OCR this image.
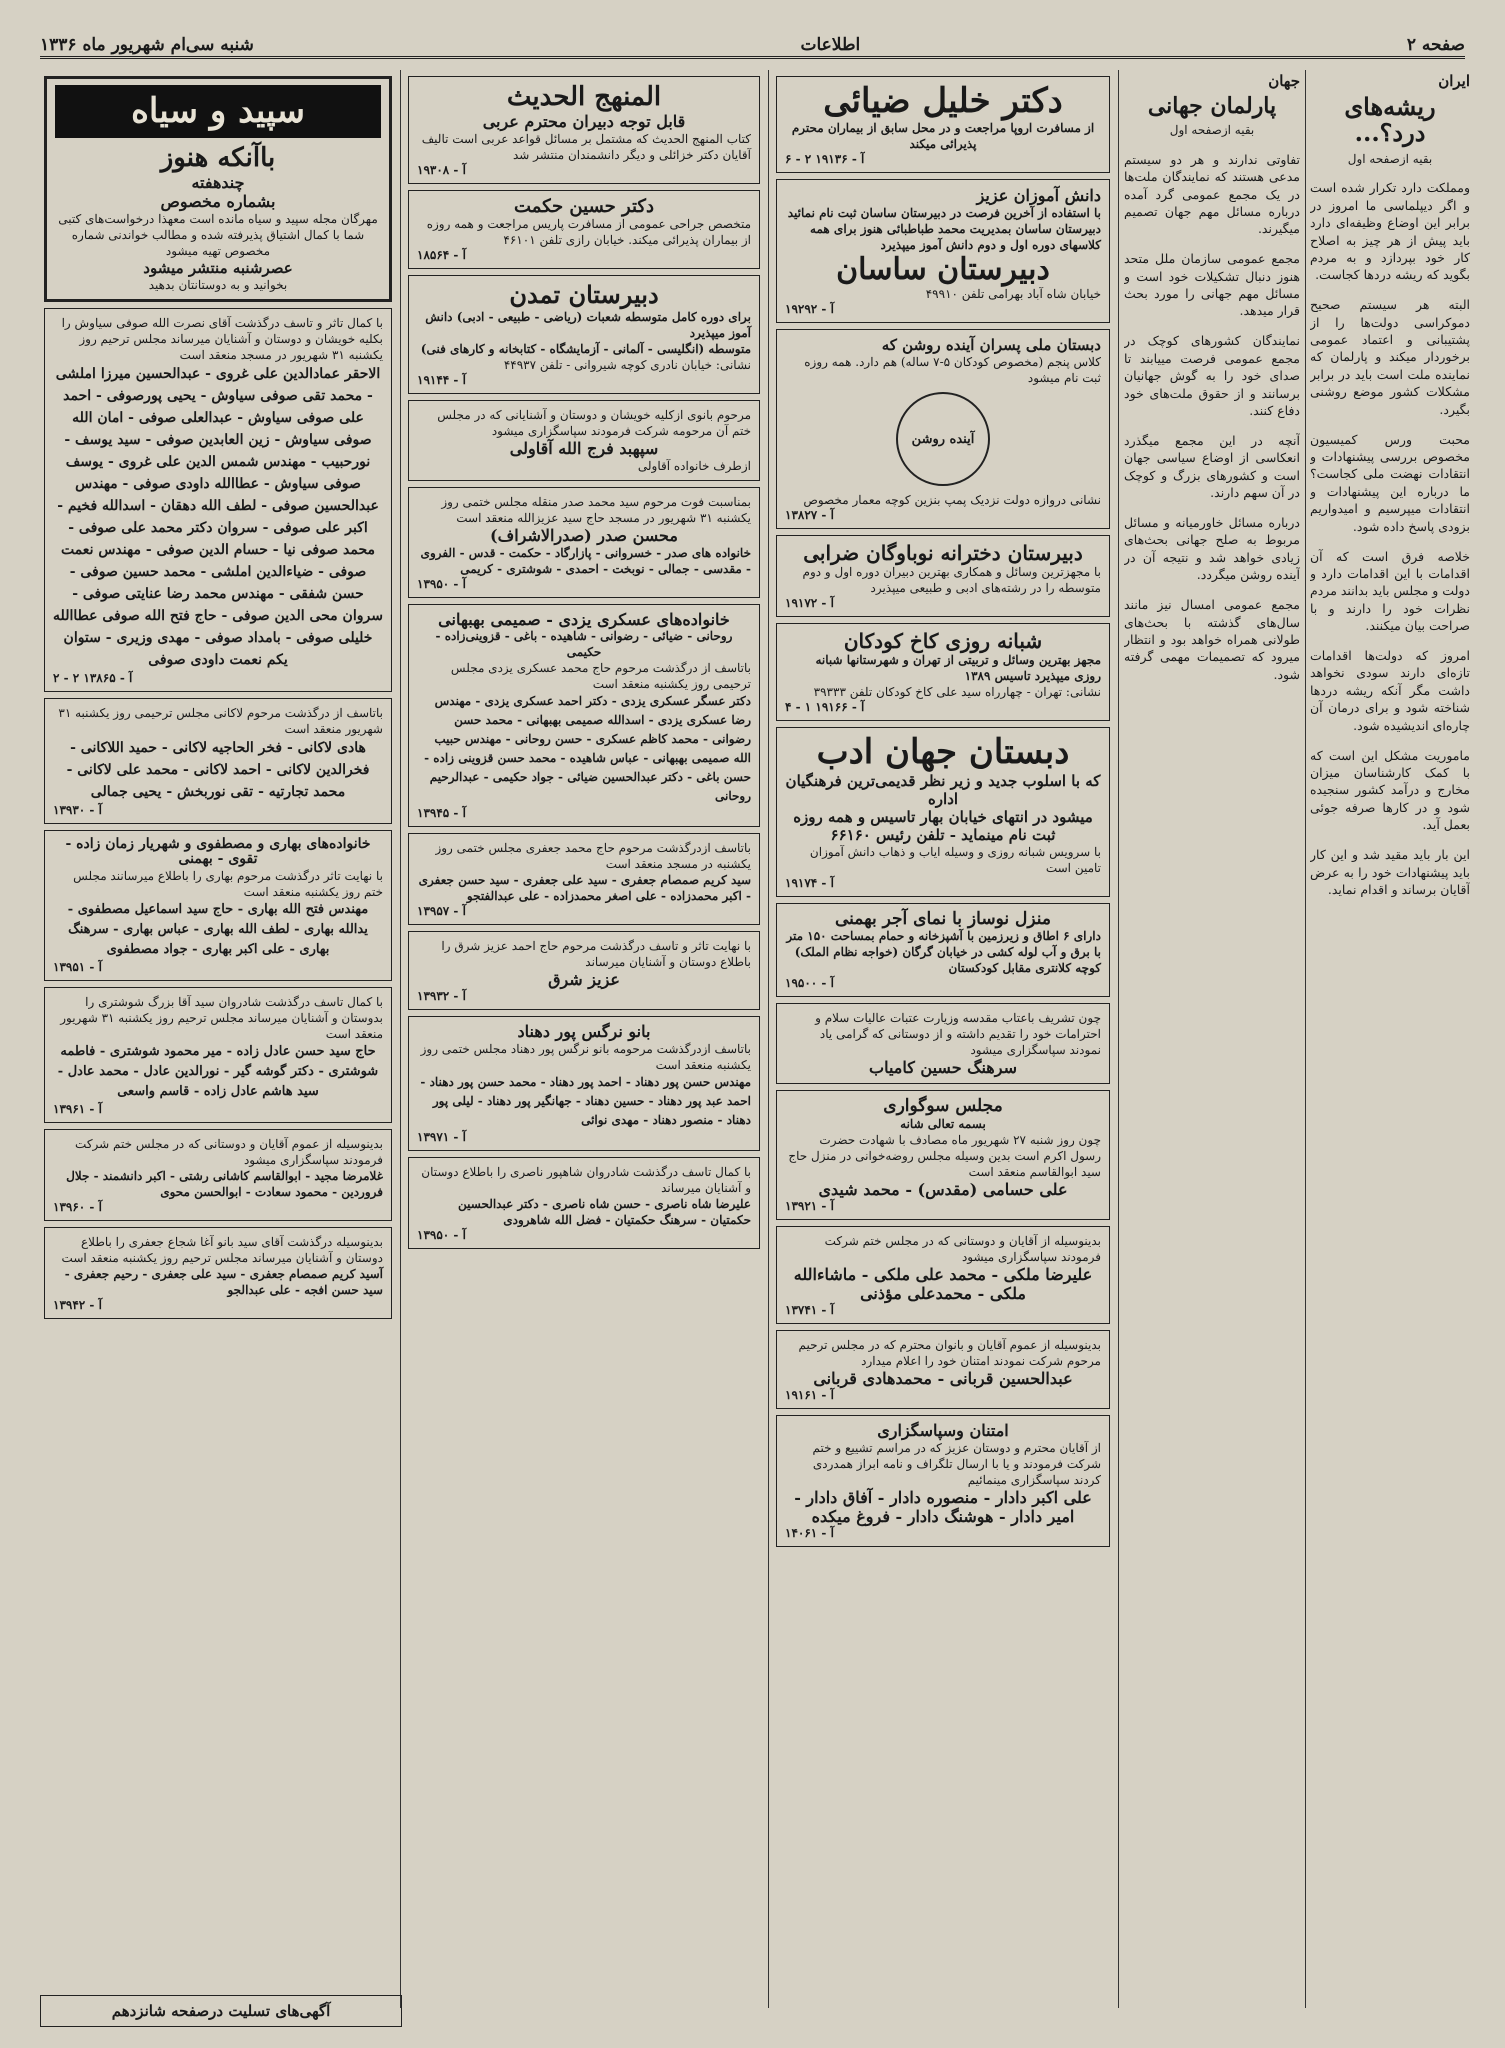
صفحه ۲
اطلاعات
شنبه سی‌ام شهریور ماه ۱۳۳۶
ایران
ریشه‌های درد؟...
بقیه ازصفحه اول

ومملکت دارد تکرار شده است و اگر دیپلماسی ما امروز در برابر این اوضاع وظیفه‌ای دارد باید پیش از هر چیز به اصلاح کار خود بپردازد و به مردم بگوید که ریشه دردها کجاست.

البته هر سیستم صحیح دموکراسی دولت‌ها را از پشتیبانی و اعتماد عمومی برخوردار میکند و پارلمان که نماینده ملت است باید در برابر مشکلات کشور موضع روشنی بگیرد.

محبت ورس کمیسیون مخصوص بررسی پیشنهادات و انتقادات نهضت ملی کجاست؟ ما درباره این پیشنهادات و انتقادات میپرسیم و امیدواریم بزودی پاسخ داده شود.

خلاصه فرق است که آن اقدامات با این اقدامات دارد و دولت و مجلس باید بدانند مردم نظرات خود را دارند و با صراحت بیان میکنند.

امروز که دولت‌ها اقدامات تازه‌ای دارند سودی نخواهد داشت مگر آنکه ریشه درد‌ها شناخته شود و برای درمان آن چاره‌ای اندیشیده شود.

ماموریت مشکل این است که با کمک کارشناسان میزان مخارج و درآمد کشور سنجیده شود و در کارها صرفه جوئی بعمل آید.

این بار باید مقید شد و این کار باید پیشنهادات خود را به عرض آقایان برساند و اقدام نماید.

جهان
پارلمان جهانی
بقیه ازصفحه اول

تفاوتی ندارند و هر دو سیستم مدعی هستند که نمایندگان ملت‌ها در یک مجمع عمومی گرد آمده درباره مسائل مهم جهان تصمیم میگیرند.

مجمع عمومی سازمان ملل متحد هنوز دنبال تشکیلات خود است و مسائل مهم جهانی را مورد بحث قرار میدهد.

نمایندگان کشورهای کوچک در مجمع عمومی فرصت مییابند تا صدای خود را به گوش جهانیان برسانند و از حقوق ملت‌های خود دفاع کنند.

آنچه در این مجمع میگذرد انعکاسی از اوضاع سیاسی جهان است و کشورهای بزرگ و کوچک در آن سهم دارند.

درباره مسائل خاورمیانه و مسائل مربوط به صلح جهانی بحث‌های زیادی خواهد شد و نتیجه آن در آینده روشن میگردد.

مجمع عمومی امسال نیز مانند سال‌های گذشته با بحث‌های طولانی همراه خواهد بود و انتظار میرود که تصمیمات مهمی گرفته شود.

دکتر خلیل ضیائی
از مسافرت اروپا مراجعت و در محل سابق از بیماران محترم پذیرائی میکند
۶ - ۲ آ - ۱۹۱۳۶
دانش آموزان عزیز
با استفاده از آخرین فرصت در دبیرستان ساسان ثبت نام نمائید
دبیرستان ساسان بمدیریت محمد طباطبائی هنوز برای همه کلاسهای دوره اول و دوم دانش آموز میپذیرد
دبیرستان ساسان
خیابان شاه آباد بهرامی تلفن ۴۹۹۱۰
آ - ۱۹۲۹۲
دبستان ملی پسران آینده روشن که
کلاس پنجم (مخصوص کودکان ۵-۷ ساله) هم دارد. همه روزه ثبت نام میشود
آینده روشن
نشانی دروازه دولت نزدیک پمپ بنزین کوچه معمار مخصوص
آ - ۱۳۸۲۷
دبیرستان دخترانه نوباوگان ضرابی
با مجهزترین وسائل و همکاری بهترین دبیران دوره اول و دوم متوسطه را در رشته‌های ادبی و طبیعی میپذیرد
آ - ۱۹۱۷۲
شبانه روزی کاخ کودکان
مجهز بهترین وسائل و تربیتی از تهران و شهرستانها شبانه روزی میپذیرد تاسیس ۱۳۸۹
نشانی: تهران - چهارراه سید علی کاخ کودکان تلفن ۳۹۳۳۳
۴ - ۱ آ - ۱۹۱۶۶
دبستان جهان ادب
که با اسلوب جدید و زیر نظر قدیمی‌ترین فرهنگیان اداره
میشود در انتهای خیابان بهار تاسیس و همه روزه
ثبت نام مینماید - تلفن رئیس ۶۶۱۶۰
با سرویس شبانه روزی و وسیله ایاب و ذهاب دانش آموزان تامین است
آ - ۱۹۱۷۴
منزل نوساز با نمای آجر بهمنی
دارای ۶ اطاق و زیرزمین با آشپزخانه و حمام بمساحت ۱۵۰ متر با برق و آب لوله کشی در خیابان گرگان (خواجه نظام الملک) کوچه کلانتری مقابل کودکستان
آ - ۱۹۵۰۰
چون تشریف باعتاب مقدسه وزیارت عتبات عالیات سلام و احترامات خود را تقدیم داشته و از دوستانی که گرامی یاد نمودند سپاسگزاری میشود
سرهنگ حسین کامیاب
مجلس سوگواری
بسمه تعالی شانه
چون روز شنبه ۲۷ شهریور ماه مصادف با شهادت حضرت رسول اکرم است بدین وسیله مجلس روضه‌خوانی در منزل حاج سید ابوالقاسم منعقد است
علی حسامی (مقدس) - محمد شیدی
آ - ۱۳۹۲۱
بدینوسیله از آقایان و دوستانی که در مجلس ختم شرکت فرمودند سپاسگزاری میشود
علیرضا ملکی - محمد علی ملکی - ماشاءالله ملکی - محمدعلی مؤذنی
آ - ۱۳۷۴۱
بدینوسیله از عموم آقایان و بانوان محترم که در مجلس ترحیم مرحوم شرکت نمودند امتنان خود را اعلام میدارد
عبدالحسین قربانی - محمدهادی قربانی
آ - ۱۹۱۶۱
امتنان وسپاسگزاری
از آقایان محترم و دوستان عزیز که در مراسم تشییع و ختم شرکت فرمودند و یا با ارسال تلگراف و نامه ابراز همدردی کردند سپاسگزاری مینمائیم
علی اکبر دادار - منصوره دادار - آفاق دادار - امیر دادار - هوشنگ دادار - فروغ میکده
آ - ۱۴۰۶۱
المنهج الحديث
قابل توجه دبیران محترم عربی
کتاب المنهج الحدیث که مشتمل بر مسائل قواعد عربی است تالیف آقایان دکتر خزائلی و دیگر دانشمندان منتشر شد
آ - ۱۹۳۰۸
دکتر حسین حکمت
متخصص جراحی عمومی از مسافرت پاریس مراجعت و همه روزه از بیماران پذیرائی میکند. خیابان رازی تلفن ۴۶۱۰۱
آ - ۱۸۵۶۴
دبیرستان تمدن
برای دوره کامل متوسطه شعبات (ریاضی - طبیعی - ادبی) دانش آموز میپذیرد
متوسطه (انگلیسی - آلمانی - آزمایشگاه - کتابخانه و کارهای فنی)
نشانی: خیابان نادری کوچه شیروانی - تلفن ۴۴۹۳۷
آ - ۱۹۱۴۴
مرحوم بانوی ازکلیه خویشان و دوستان و آشنایانی که در مجلس ختم آن مرحومه شرکت فرمودند سپاسگزاری میشود
سپهبد فرج الله آقاولی
ازطرف خانواده آقاولی
بمناسبت فوت مرحوم سید محمد صدر منقله مجلس ختمی روز یکشنبه ۳۱ شهریور در مسجد حاج سید عزیزالله منعقد است
محسن صدر (صدرالاشراف)
خانواده های صدر - خسروانی - پازارگاد - حکمت - قدس - الفروی - مقدسی - جمالی - نوبخت - احمدی - شوشتری - کریمی
آ - ۱۳۹۵۰
خانواده‌های عسکری یزدی - صمیمی بهبهانی
روحانی - ضیائی - رضوانی - شاهیده - باغی - قزوینی‌زاده - حکیمی
باتاسف از درگذشت مرحوم حاج محمد عسکری یزدی مجلس ترحیمی روز یکشنبه منعقد است
دکتر عسگر عسکری یزدی - دکتر احمد عسکری یزدی - مهندس رضا عسکری یزدی - اسدالله صمیمی بهبهانی - محمد حسن رضوانی - محمد کاظم عسکری - حسن روحانی - مهندس حبیب الله صمیمی بهبهانی - عباس شاهیده - محمد حسن قزوینی زاده - حسن باغی - دکتر عبدالحسین ضیائی - جواد حکیمی - عبدالرحیم روحانی
آ - ۱۳۹۴۵
باتاسف ازدرگذشت مرحوم حاج محمد جعفری مجلس ختمی روز یکشنبه در مسجد منعقد است
سید کریم صمصام جعفری - سید علی جعفری - سید حسن جعفری - اکبر محمدزاده - علی اصغر محمدزاده - علی عبدالفتجو
آ - ۱۳۹۵۷
با نهایت تاثر و تاسف درگذشت مرحوم حاج احمد عزیز شرق را باطلاع دوستان و آشنایان میرساند
عزیز شرق
آ - ۱۳۹۳۲
بانو نرگس پور دهناد
باتاسف ازدرگذشت مرحومه بانو نرگس پور دهناد مجلس ختمی روز یکشنبه منعقد است
مهندس حسن پور دهناد - احمد پور دهناد - محمد حسن پور دهناد - احمد عبد پور دهناد - حسین دهناد - جهانگیر پور دهناد - لیلی پور دهناد - منصور دهناد - مهدی نوائی
آ - ۱۳۹۷۱
با کمال تاسف درگذشت شادروان شاهپور ناصری را باطلاع دوستان و آشنایان میرساند
علیرضا شاه ناصری - حسن شاه ناصری - دکتر عبدالحسین حکمتیان - سرهنگ حکمتیان - فضل الله شاهرودی
آ - ۱۳۹۵۰
سپید و سیاه
باآنکه هنوز
چندهفته
بشماره مخصوص
مهرگان مجله سپید و سیاه مانده است معهذا درخواست‌های کتبی شما با کمال اشتیاق پذیرفته شده و مطالب خواندنی شماره مخصوص تهیه میشود
عصرشنبه منتشر میشود
بخوانید و به دوستانتان بدهید
با کمال تاثر و تاسف درگذشت آقای نصرت الله صوفی سیاوش را بکلیه خویشان و دوستان و آشنایان میرساند مجلس ترحیم روز یکشنبه ۳۱ شهریور در مسجد منعقد است
الاحقر عمادالدین علی غروی - عبدالحسین میرزا املشی - محمد تقی صوفی سیاوش - یحیی پورصوفی - احمد علی صوفی سیاوش - عبدالعلی صوفی - امان الله صوفی سیاوش - زین العابدین صوفی - سید یوسف - نورحبیب - مهندس شمس الدین علی غروی - یوسف صوفی سیاوش - عطاالله داودی صوفی - مهندس عبدالحسین صوفی - لطف الله دهقان - اسدالله فخیم - اکبر علی صوفی - سروان دکتر محمد علی صوفی - محمد صوفی نیا - حسام الدین صوفی - مهندس نعمت صوفی - ضیاءالدین املشی - محمد حسین صوفی - حسن شفقی - مهندس محمد رضا عنایتی صوفی - سروان محی الدین صوفی - حاج فتح الله صوفی عطاالله خلیلی صوفی - بامداد صوفی - مهدی وزیری - ستوان یکم نعمت داودی صوفی
۲ - ۲ آ - ۱۳۸۶۵
باتاسف از درگذشت مرحوم لاکانی مجلس ترحیمی روز یکشنبه ۳۱ شهریور منعقد است
هادی لاکانی - فخر الحاجیه لاکانی - حمید اللاکانی - فخرالدین لاکانی - احمد لاکانی - محمد علی لاکانی - محمد تجارتیه - تقی نوربخش - یحیی جمالی
آ - ۱۳۹۳۰
خانواده‌های بهاری و مصطفوی و شهریار زمان زاده - تقوی - بهمنی
با نهایت تاثر درگذشت مرحوم بهاری را باطلاع میرسانند مجلس ختم روز یکشنبه منعقد است
مهندس فتح الله بهاری - حاج سید اسماعیل مصطفوی - یدالله بهاری - لطف الله بهاری - عباس بهاری - سرهنگ بهاری - علی اکبر بهاری - جواد مصطفوی
آ - ۱۳۹۵۱
با کمال تاسف درگذشت شادروان سید آقا بزرگ شوشتری را بدوستان و آشنایان میرساند مجلس ترحیم روز یکشنبه ۳۱ شهریور منعقد است
حاج سید حسن عادل زاده - میر محمود شوشتری - فاطمه شوشتری - دکتر گوشه گیر - نورالدین عادل - محمد عادل - سید هاشم عادل زاده - قاسم واسعی
آ - ۱۳۹۶۱
بدینوسیله از عموم آقایان و دوستانی که در مجلس ختم شرکت فرمودند سپاسگزاری میشود
غلامرضا مجید - ابوالقاسم کاشانی رشتی - اکبر دانشمند - جلال فروردین - محمود سعادت - ابوالحسن محوی
آ - ۱۳۹۶۰
بدینوسیله درگذشت آقای سید بانو آغا شجاع جعفری را باطلاع دوستان و آشنایان میرساند مجلس ترحیم روز یکشنبه منعقد است
آسید کریم صمصام جعفری - سید علی جعفری - رحیم جعفری - سید حسن افجه - علی عبدالجو
آ - ۱۳۹۴۲
آگهی‌های تسلیت درصفحه شانزدهم
